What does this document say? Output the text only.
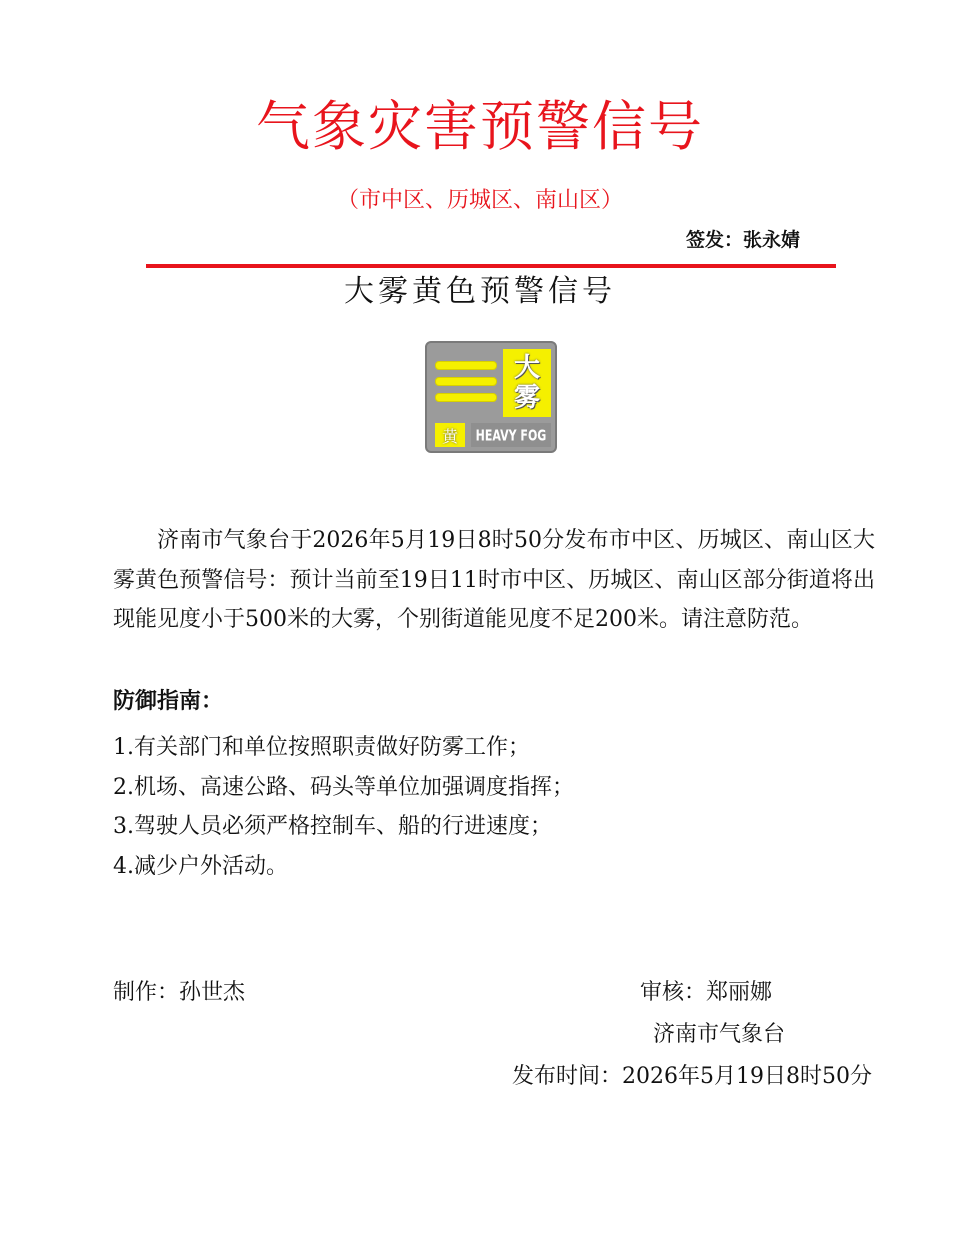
气象灾害预警信号
（市中区、历城区、南山区）
签发：张永婧
大雾黄色预警信号
大
雾
黄 HEAVY FOG
济南市气象台于2026年5月19日8时50分发布市中区、历城区、南山区大雾黄色预警信号：预计当前至19日11时市中区、历城区、南山区部分街道将出现能见度小于500米的大雾，个别街道能见度不足200米。请注意防范。
防御指南：
1.有关部门和单位按照职责做好防雾工作；
2.机场、高速公路、码头等单位加强调度指挥；
3.驾驶人员必须严格控制车、船的行进速度；
4.减少户外活动。
制作：孙世杰	审核：郑丽娜
济南市气象台
发布时间：2026年5月19日8时50分
